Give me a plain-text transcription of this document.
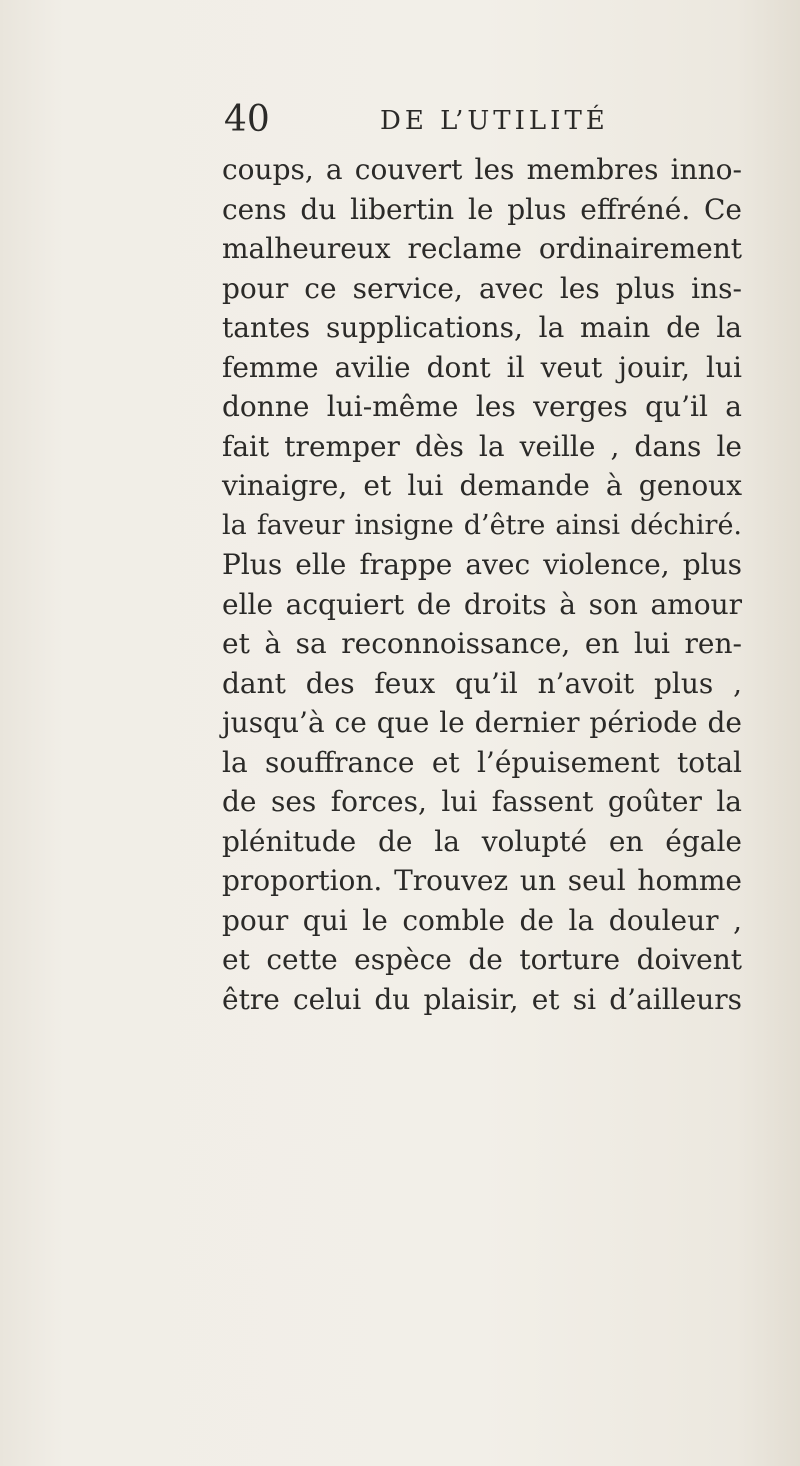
40	DE L’UTILITÉ
coups, a couvert les membres inno-
cens du libertin le plus effréné. Ce
malheureux reclame ordinairement
pour ce service, avec les plus ins-
tantes supplications, la main de la
femme avilie dont il veut jouir, lui
donne lui-même les verges qu’il a
fait tremper dès la veille , dans le
vinaigre, et lui demande à genoux
la faveur insigne d’être ainsi déchiré.
Plus elle frappe avec violence, plus
elle acquiert de droits à son amour
et à sa reconnoissance, en lui ren-
dant des feux qu’il n’avoit plus ,
jusqu’à ce que le dernier période de
la souffrance et l’épuisement total
de ses forces, lui fassent goûter la
plénitude de la volupté en égale
proportion. Trouvez un seul homme
pour qui le comble de la douleur ,
et cette espèce de torture doivent
être celui du plaisir, et si d’ailleurs
